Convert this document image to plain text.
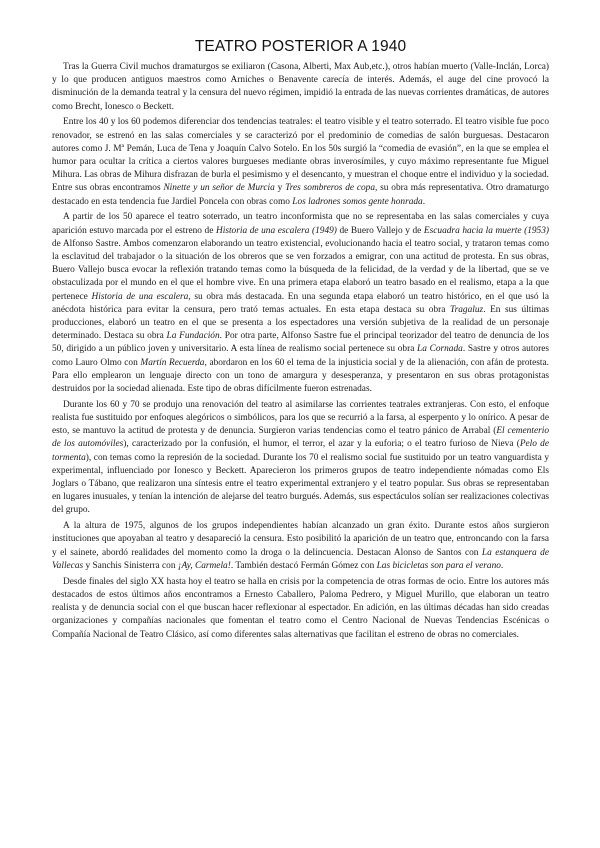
TEATRO POSTERIOR A 1940

Tras la Guerra Civil muchos dramaturgos se exiliaron (Casona, Alberti, Max Aub,etc.), otros habían muerto (Valle-Inclán, Lorca) y lo que producen antiguos maestros como Arniches o Benavente carecía de interés. Además, el auge del cine provocó la disminución de la demanda teatral y la censura del nuevo régimen, impidió la entrada de las nuevas corrientes dramáticas, de autores como Brecht, Ionesco o Beckett.

Entre los 40 y los 60 podemos diferenciar dos tendencias teatrales: el teatro visible y el teatro soterrado. El teatro visible fue poco renovador, se estrenó en las salas comerciales y se caracterizó por el predominio de comedias de salón burguesas. Destacaron autores como J. Mª Pemán, Luca de Tena y Joaquín Calvo Sotelo. En los 50s surgió la “comedia de evasión”, en la que se emplea el humor para ocultar la crítica a ciertos valores burgueses mediante obras inverosímiles, y cuyo máximo representante fue Miguel Mihura. Las obras de Mihura disfrazan de burla el pesimismo y el desencanto, y muestran el choque entre el individuo y la sociedad. Entre sus obras encontramos Ninette y un señor de Murcia y Tres sombreros de copa, su obra más representativa. Otro dramaturgo destacado en esta tendencia fue Jardiel Poncela con obras como Los ladrones somos gente honrada.

A partir de los 50 aparece el teatro soterrado, un teatro inconformista que no se representaba en las salas comerciales y cuya aparición estuvo marcada por el estreno de Historia de una escalera (1949) de Buero Vallejo y de Escuadra hacia la muerte (1953) de Alfonso Sastre. Ambos comenzaron elaborando un teatro existencial, evolucionando hacia el teatro social, y trataron temas como la esclavitud del trabajador o la situación de los obreros que se ven forzados a emigrar, con una actitud de protesta. En sus obras, Buero Vallejo busca evocar la reflexión tratando temas como la búsqueda de la felicidad, de la verdad y de la libertad, que se ve obstaculizada por el mundo en el que el hombre vive. En una primera etapa elaboró un teatro basado en el realismo, etapa a la que pertenece Historia de una escalera, su obra más destacada. En una segunda etapa elaboró un teatro histórico, en el que usó la anécdota histórica para evitar la censura, pero trató temas actuales. En esta etapa destaca su obra Tragaluz. En sus últimas producciones, elaboró un teatro en el que se presenta a los espectadores una versión subjetiva de la realidad de un personaje determinado. Destaca su obra La Fundación. Por otra parte, Alfonso Sastre fue el principal teorizador del teatro de denuncia de los 50, dirigido a un público joven y universitario. A esta línea de realismo social pertenece su obra La Cornada. Sastre y otros autores como Lauro Olmo con Martín Recuerda, abordaron en los 60 el tema de la injusticia social y de la alienación, con afán de protesta. Para ello emplearon un lenguaje directo con un tono de amargura y desesperanza, y presentaron en sus obras protagonistas destruidos por la sociedad alienada. Este tipo de obras difícilmente fueron estrenadas.

Durante los 60 y 70 se produjo una renovación del teatro al asimilarse las corrientes teatrales extranjeras. Con esto, el enfoque realista fue sustituido por enfoques alegóricos o simbólicos, para los que se recurrió a la farsa, al esperpento y lo onírico. A pesar de esto, se mantuvo la actitud de protesta y de denuncia. Surgieron varias tendencias como el teatro pánico de Arrabal (El cementerio de los automóviles), caracterizado por la confusión, el humor, el terror, el azar y la euforia; o el teatro furioso de Nieva (Pelo de tormenta), con temas como la represión de la sociedad. Durante los 70 el realismo social fue sustituido por un teatro vanguardista y experimental, influenciado por Ionesco y Beckett. Aparecieron los primeros grupos de teatro independiente nómadas como Els Joglars o Tábano, que realizaron una síntesis entre el teatro experimental extranjero y el teatro popular. Sus obras se representaban en lugares inusuales, y tenían la intención de alejarse del teatro burgués. Además, sus espectáculos solían ser realizaciones colectivas del grupo.

A la altura de 1975, algunos de los grupos independientes habían alcanzado un gran éxito. Durante estos años surgieron instituciones que apoyaban al teatro y desapareció la censura. Esto posibilitó la aparición de un teatro que, entroncando con la farsa y el sainete, abordó realidades del momento como la droga o la delincuencia. Destacan Alonso de Santos con La estanquera de Vallecas y Sanchis Sinisterra con ¡Ay, Carmela!. También destacó Fermán Gómez con Las bicicletas son para el verano.

Desde finales del siglo XX hasta hoy el teatro se halla en crisis por la competencia de otras formas de ocio. Entre los autores más destacados de estos últimos años encontramos a Ernesto Caballero, Paloma Pedrero, y Miguel Murillo, que elaboran un teatro realista y de denuncia social con el que buscan hacer reflexionar al espectador. En adición, en las últimas décadas han sido creadas organizaciones y compañías nacionales que fomentan el teatro como el Centro Nacional de Nuevas Tendencias Escénicas o Compañía Nacional de Teatro Clásico, así como diferentes salas alternativas que facilitan el estreno de obras no comerciales.
